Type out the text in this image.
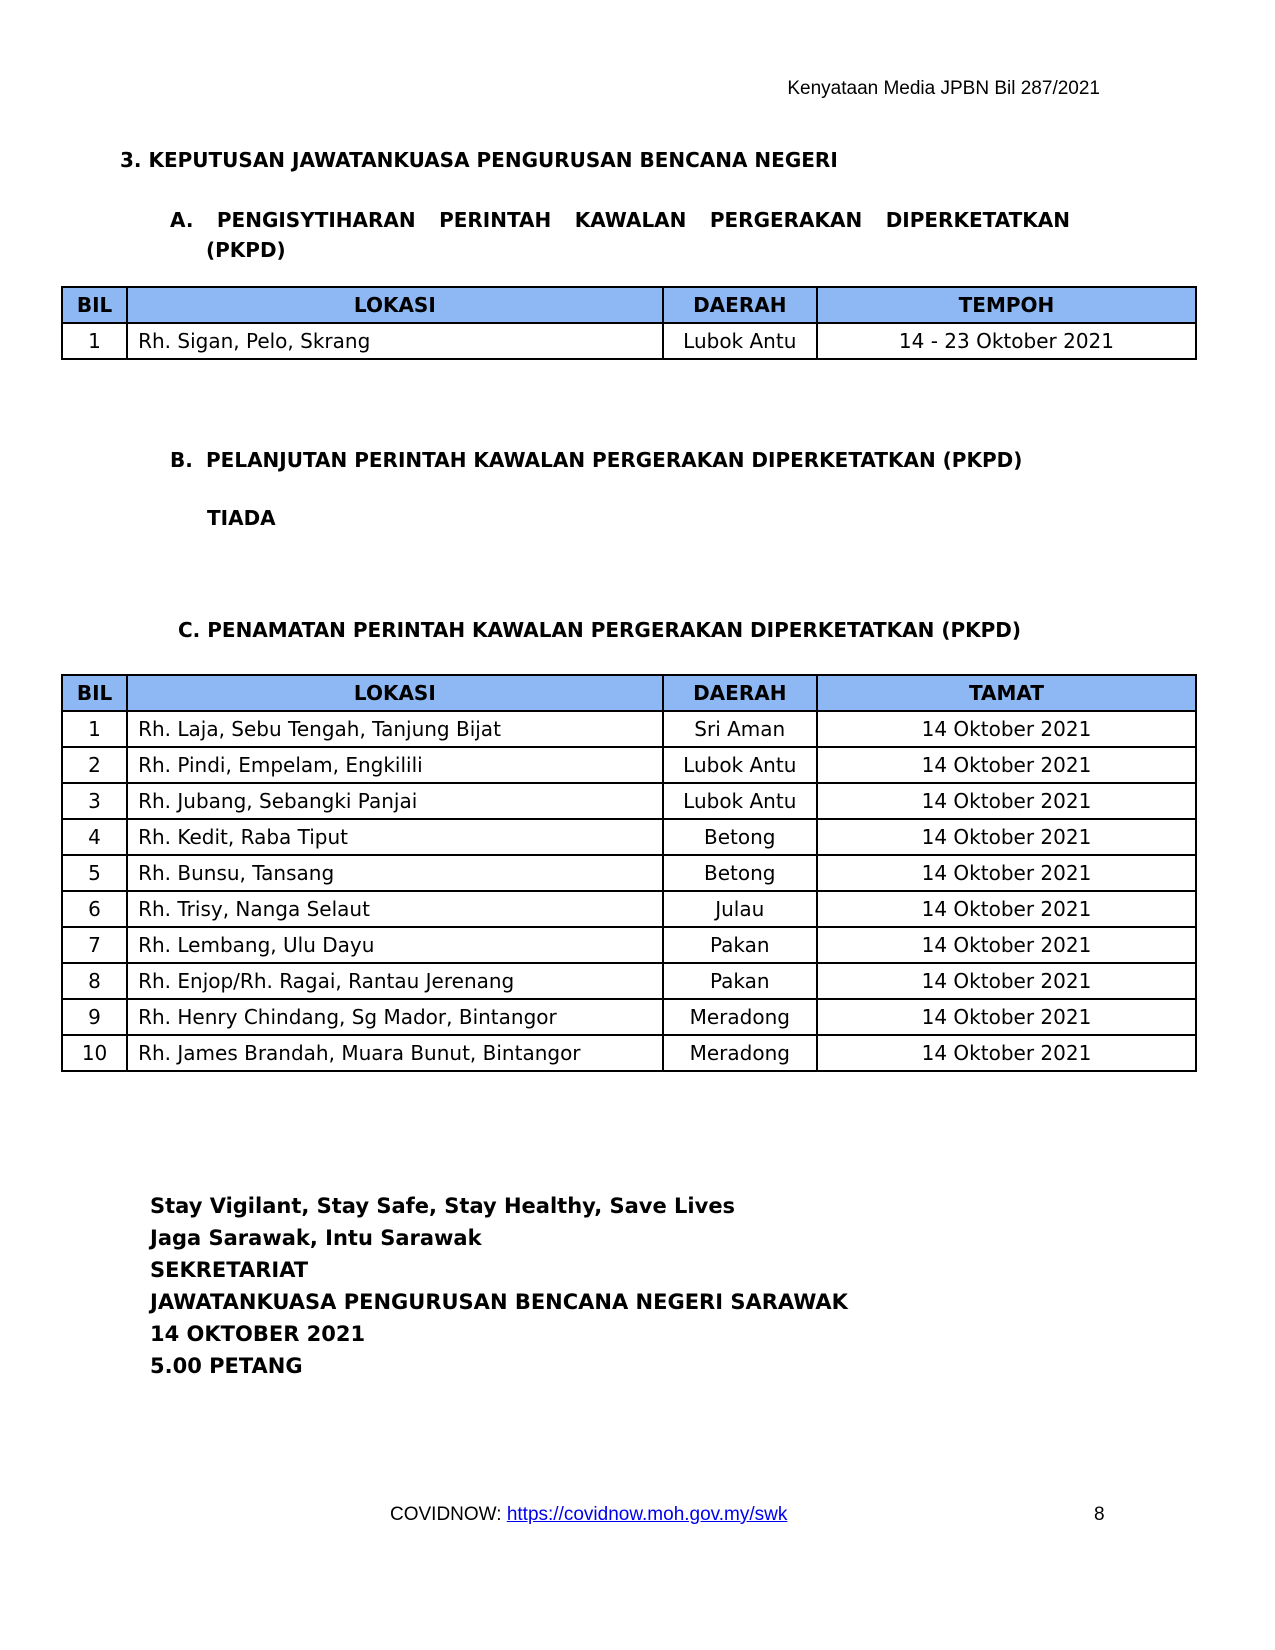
Kenyataan Media JPBN Bil 287/2021
3. KEPUTUSAN JAWATANKUASA PENGURUSAN BENCANA NEGERI
A. PENGISYTIHARAN PERINTAH KAWALAN PERGERAKAN DIPERKETATKAN
(PKPD)
BIL	LOKASI	DAERAH	TEMPOH
1	Rh. Sigan, Pelo, Skrang	Lubok Antu	14 - 23 Oktober 2021
B. PELANJUTAN PERINTAH KAWALAN PERGERAKAN DIPERKETATKAN (PKPD)
TIADA
C. PENAMATAN PERINTAH KAWALAN PERGERAKAN DIPERKETATKAN (PKPD)
BIL	LOKASI	DAERAH	TAMAT
1	Rh. Laja, Sebu Tengah, Tanjung Bijat	Sri Aman	14 Oktober 2021
2	Rh. Pindi, Empelam, Engkilili	Lubok Antu	14 Oktober 2021
3	Rh. Jubang, Sebangki Panjai	Lubok Antu	14 Oktober 2021
4	Rh. Kedit, Raba Tiput	Betong	14 Oktober 2021
5	Rh. Bunsu, Tansang	Betong	14 Oktober 2021
6	Rh. Trisy, Nanga Selaut	Julau	14 Oktober 2021
7	Rh. Lembang, Ulu Dayu	Pakan	14 Oktober 2021
8	Rh. Enjop/Rh. Ragai, Rantau Jerenang	Pakan	14 Oktober 2021
9	Rh. Henry Chindang, Sg Mador, Bintangor	Meradong	14 Oktober 2021
10	Rh. James Brandah, Muara Bunut, Bintangor	Meradong	14 Oktober 2021
Stay Vigilant, Stay Safe, Stay Healthy, Save Lives
Jaga Sarawak, Intu Sarawak
SEKRETARIAT
JAWATANKUASA PENGURUSAN BENCANA NEGERI SARAWAK
14 OKTOBER 2021
5.00 PETANG
COVIDNOW: https://covidnow.moh.gov.my/swk	8
